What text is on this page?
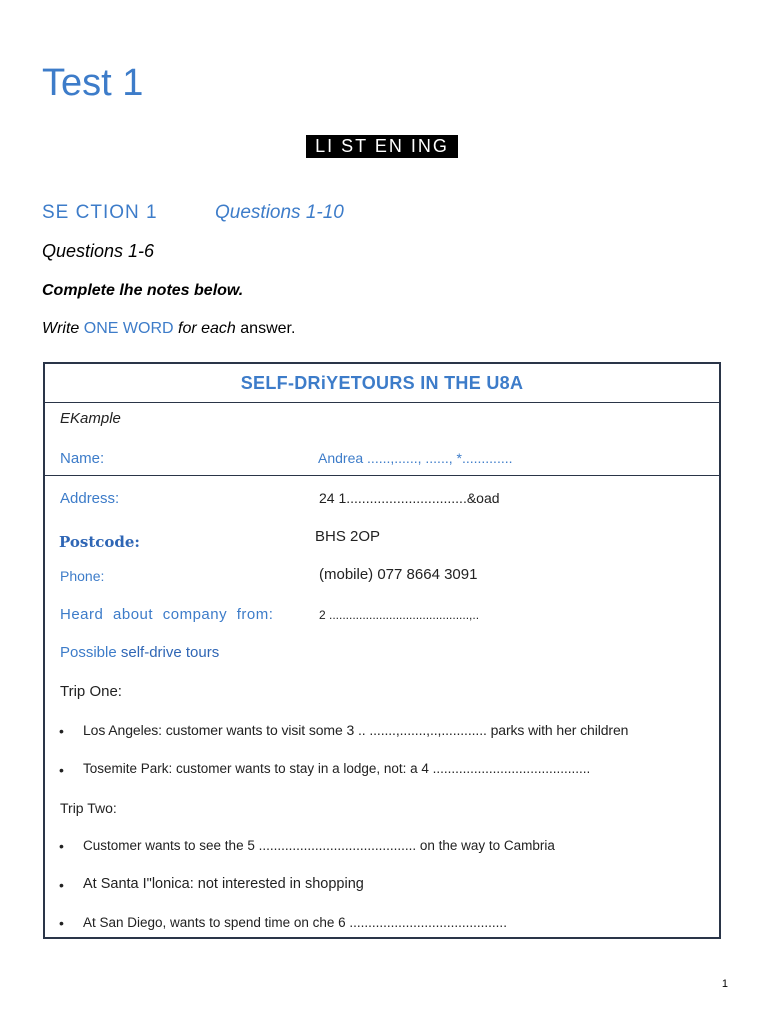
Test 1
LI ST EN ING
SE CTION 1	Questions 1-10
Questions 1-6
Complete lhe notes below.
Write ONE WORD for each answer.
SELF-DRiYETOURS IN THE U8A
EKample
Name:	Andrea ......,......, ......, *.............
Address:	24 1...............................&oad
Postcode:	BHS 2OP
Phone:	(mobile) 077 8664 3091
Heard about company from:	2 ..........................................,..
Possible self-drive tours
Trip One:
• Los Angeles: customer wants to visit some 3 .. .......,.......,..,............ parks with her children
• Tosemite Park: customer wants to stay in a lodge, not: a 4 ..........................................
Trip Two:
• Customer wants to see the 5 .......................................... on the way to Cambria
• At Santa I"lonica: not interested in shopping
• At San Diego, wants to spend time on che 6 ..........................................
1
